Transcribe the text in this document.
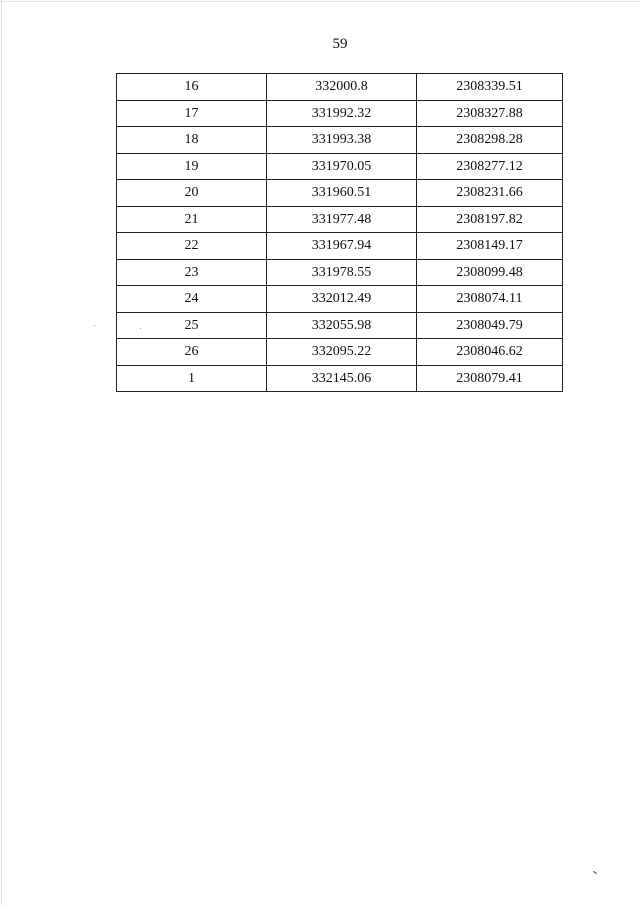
59
16	332000.8	2308339.51
17	331992.32	2308327.88
18	331993.38	2308298.28
19	331970.05	2308277.12
20	331960.51	2308231.66
21	331977.48	2308197.82
22	331967.94	2308149.17
23	331978.55	2308099.48
24	332012.49	2308074.11
25	332055.98	2308049.79
26	332095.22	2308046.62
1	332145.06	2308079.41
